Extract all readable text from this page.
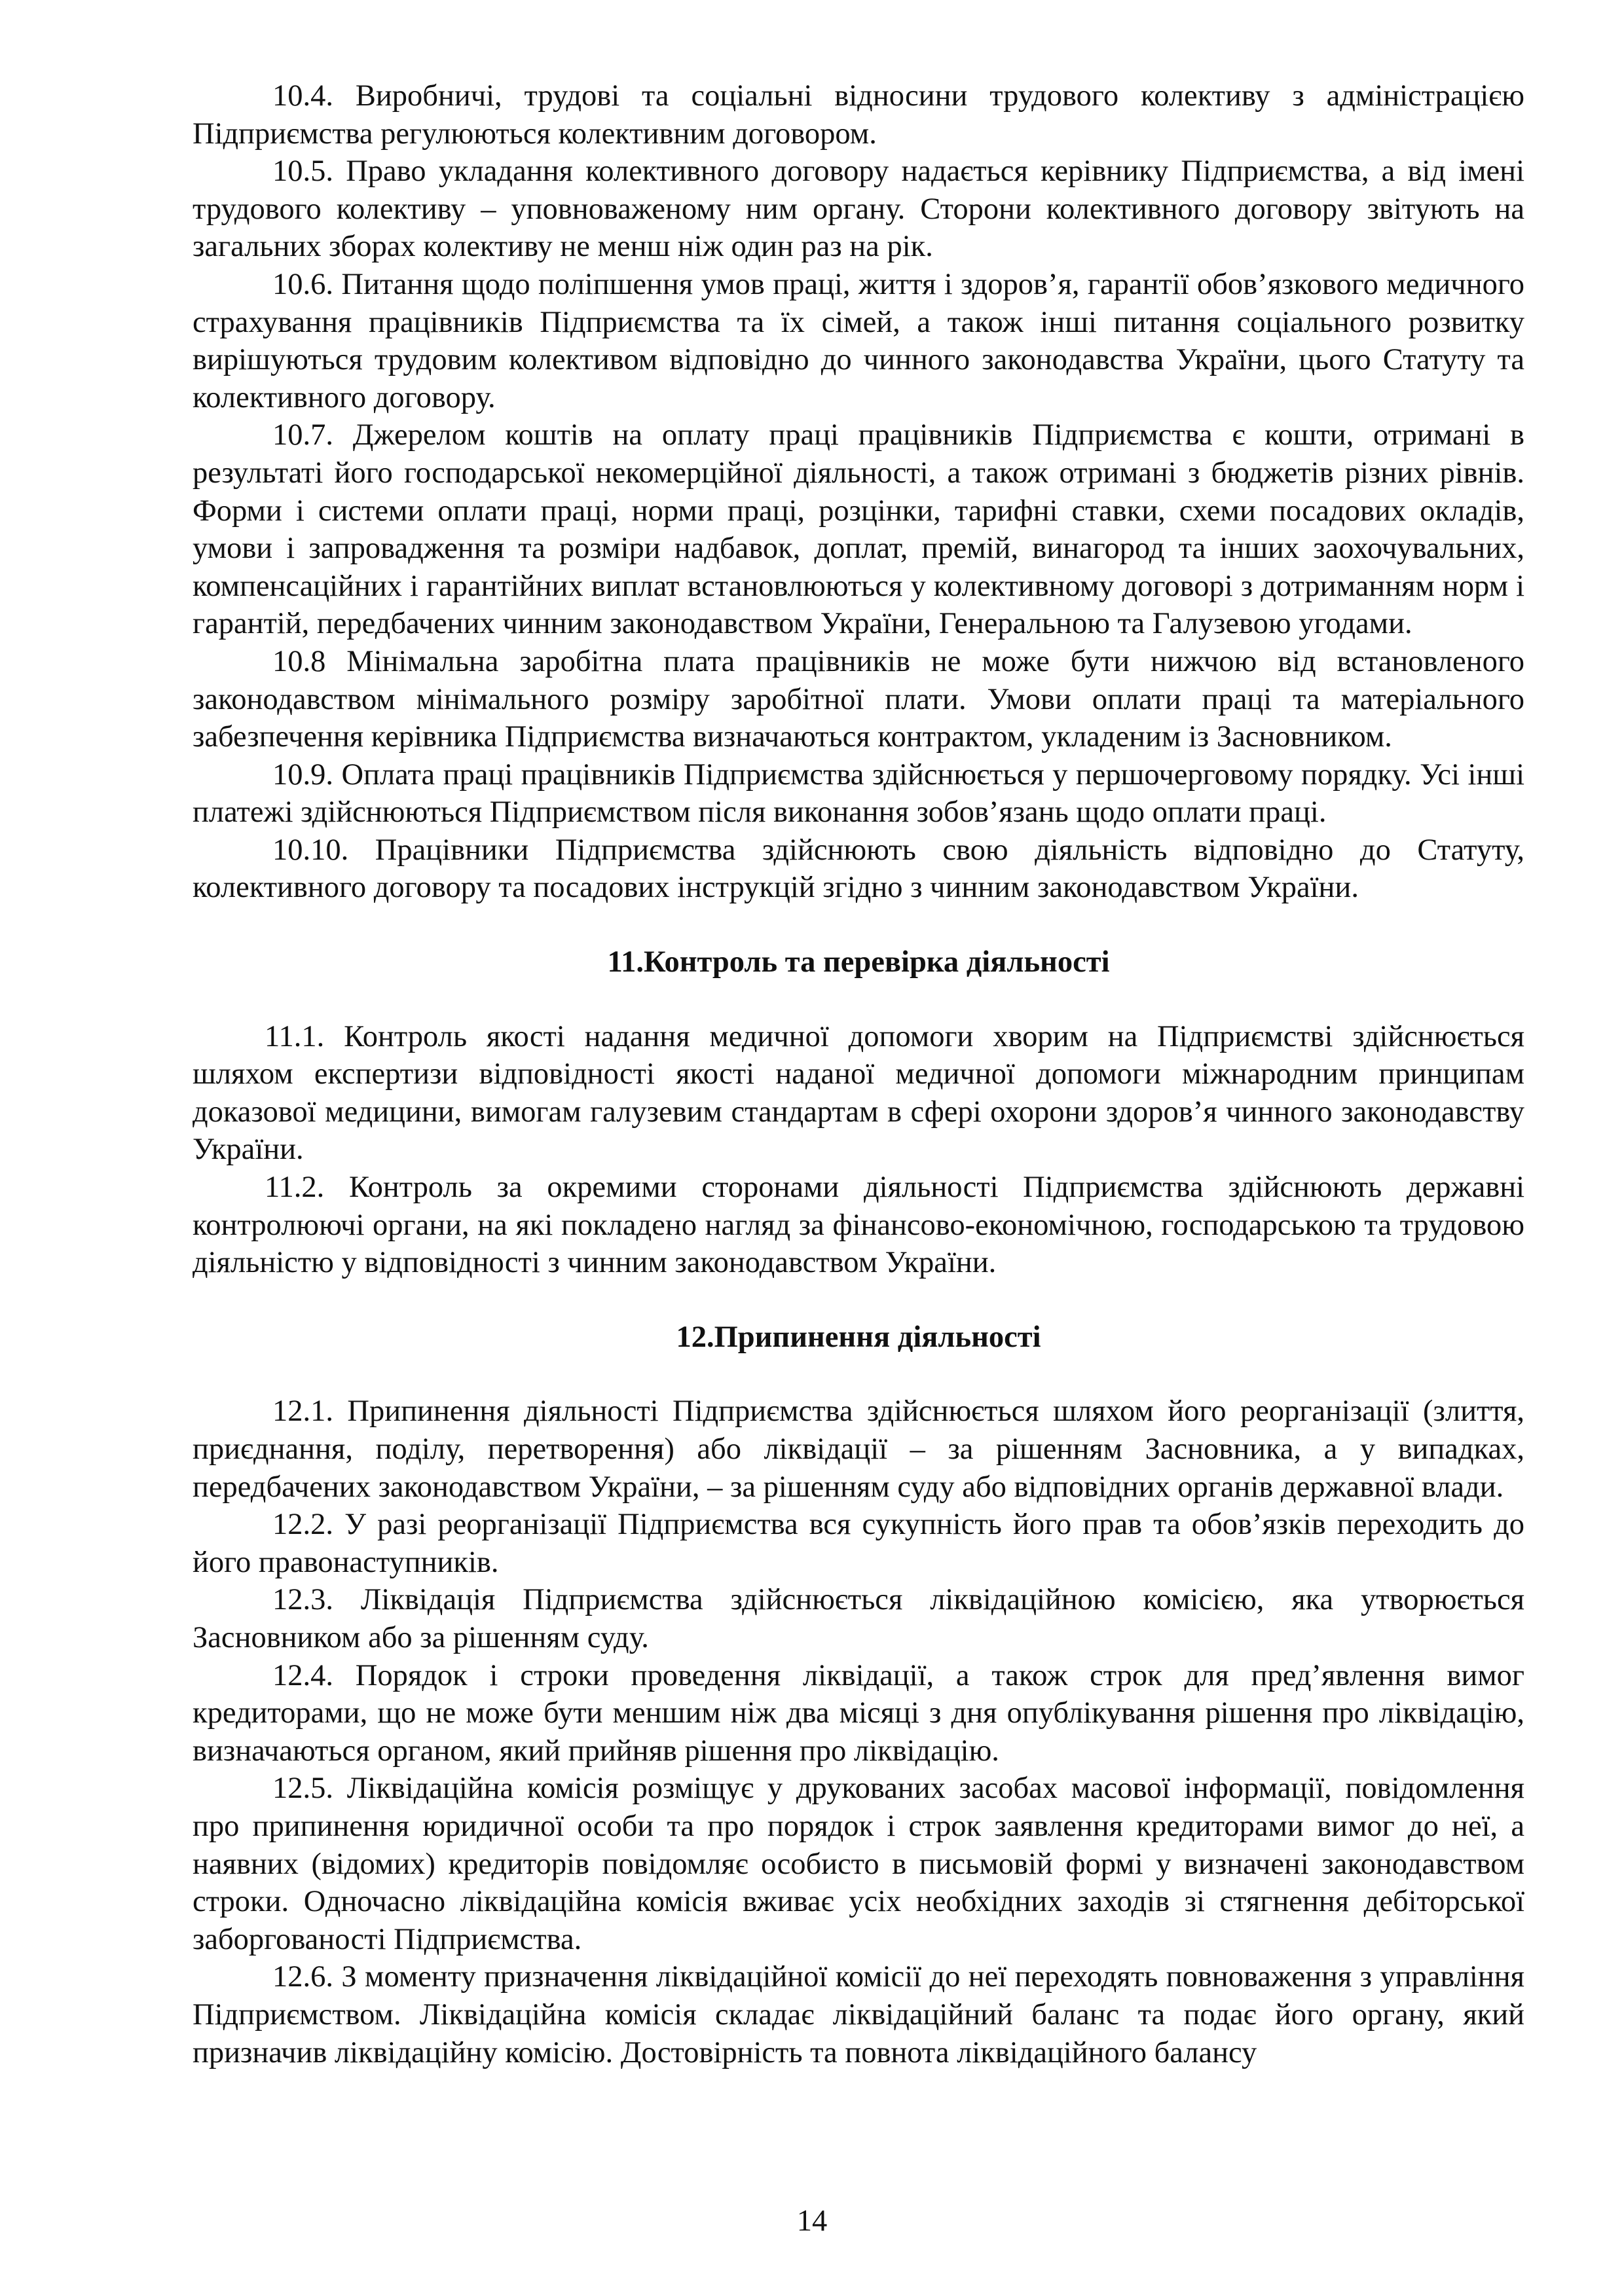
10.4. Виробничі, трудові та соціальні відносини трудового колективу з адміністрацією Підприємства регулюються колективним договором.

10.5. Право укладання колективного договору надається керівнику Підприємства, а від імені трудового колективу – уповноваженому ним органу. Сторони колективного договору звітують на загальних зборах колективу не менш ніж один раз на рік.

10.6. Питання щодо поліпшення умов праці, життя і здоров’я, гарантії обов’язкового медичного страхування працівників Підприємства та їх сімей, а також інші питання соціального розвитку вирішуються трудовим колективом відповідно до чинного законодавства України, цього Статуту та колективного договору.

10.7. Джерелом коштів на оплату праці працівників Підприємства є кошти, отримані в результаті його господарської некомерційної діяльності, а також отримані з бюджетів різних рівнів. Форми і системи оплати праці, норми праці, розцінки, тарифні ставки, схеми посадових окладів, умови і запровадження та розміри надбавок, доплат, премій, винагород та інших заохочувальних, компенсаційних і гарантійних виплат встановлюються у колективному договорі з дотриманням норм і гарантій, передбачених чинним законодавством України, Генеральною та Галузевою угодами.

10.8 Мінімальна заробітна плата працівників не може бути нижчою від встановленого законодавством мінімального розміру заробітної плати. Умови оплати праці та матеріального забезпечення керівника Підприємства визначаються контрактом, укладеним із Засновником.

10.9. Оплата праці працівників Підприємства здійснюється у першочерговому порядку. Усі інші платежі здійснюються Підприємством після виконання зобов’язань щодо оплати праці.

10.10. Працівники Підприємства здійснюють свою діяльність відповідно до Статуту, колективного договору та посадових інструкцій згідно з чинним законодавством України.

11.Контроль та перевірка діяльності

11.1. Контроль якості надання медичної допомоги хворим на Підприємстві здійснюється шляхом експертизи відповідності якості наданої медичної допомоги міжнародним принципам доказової медицини, вимогам галузевим стандартам в сфері охорони здоров’я чинного законодавству України.

11.2. Контроль за окремими сторонами діяльності Підприємства здійснюють державні контролюючі органи, на які покладено нагляд за фінансово-економічною, господарською та трудовою діяльністю у відповідності з чинним законодавством України.

12.Припинення діяльності

12.1. Припинення діяльності Підприємства здійснюється шляхом його реорганізації (злиття, приєднання, поділу, перетворення) або ліквідації – за рішенням Засновника, а у випадках, передбачених законодавством України, – за рішенням суду або відповідних органів державної влади.

12.2. У разі реорганізації Підприємства вся сукупність його прав та обов’язків переходить до його правонаступників.

12.3. Ліквідація Підприємства здійснюється ліквідаційною комісією, яка утворюється Засновником або за рішенням суду.

12.4. Порядок і строки проведення ліквідації, а також строк для пред’явлення вимог кредиторами, що не може бути меншим ніж два місяці з дня опублікування рішення про ліквідацію, визначаються органом, який прийняв рішення про ліквідацію.

12.5. Ліквідаційна комісія розміщує у друкованих засобах масової інформації, повідомлення про припинення юридичної особи та про порядок і строк заявлення кредиторами вимог до неї, а наявних (відомих) кредиторів повідомляє особисто в письмовій формі у визначені законодавством строки. Одночасно ліквідаційна комісія вживає усіх необхідних заходів зі стягнення дебіторської заборгованості Підприємства.

12.6. З моменту призначення ліквідаційної комісії до неї переходять повноваження з управління Підприємством. Ліквідаційна комісія складає ліквідаційний баланс та подає його органу, який призначив ліквідаційну комісію. Достовірність та повнота ліквідаційного балансу

14
